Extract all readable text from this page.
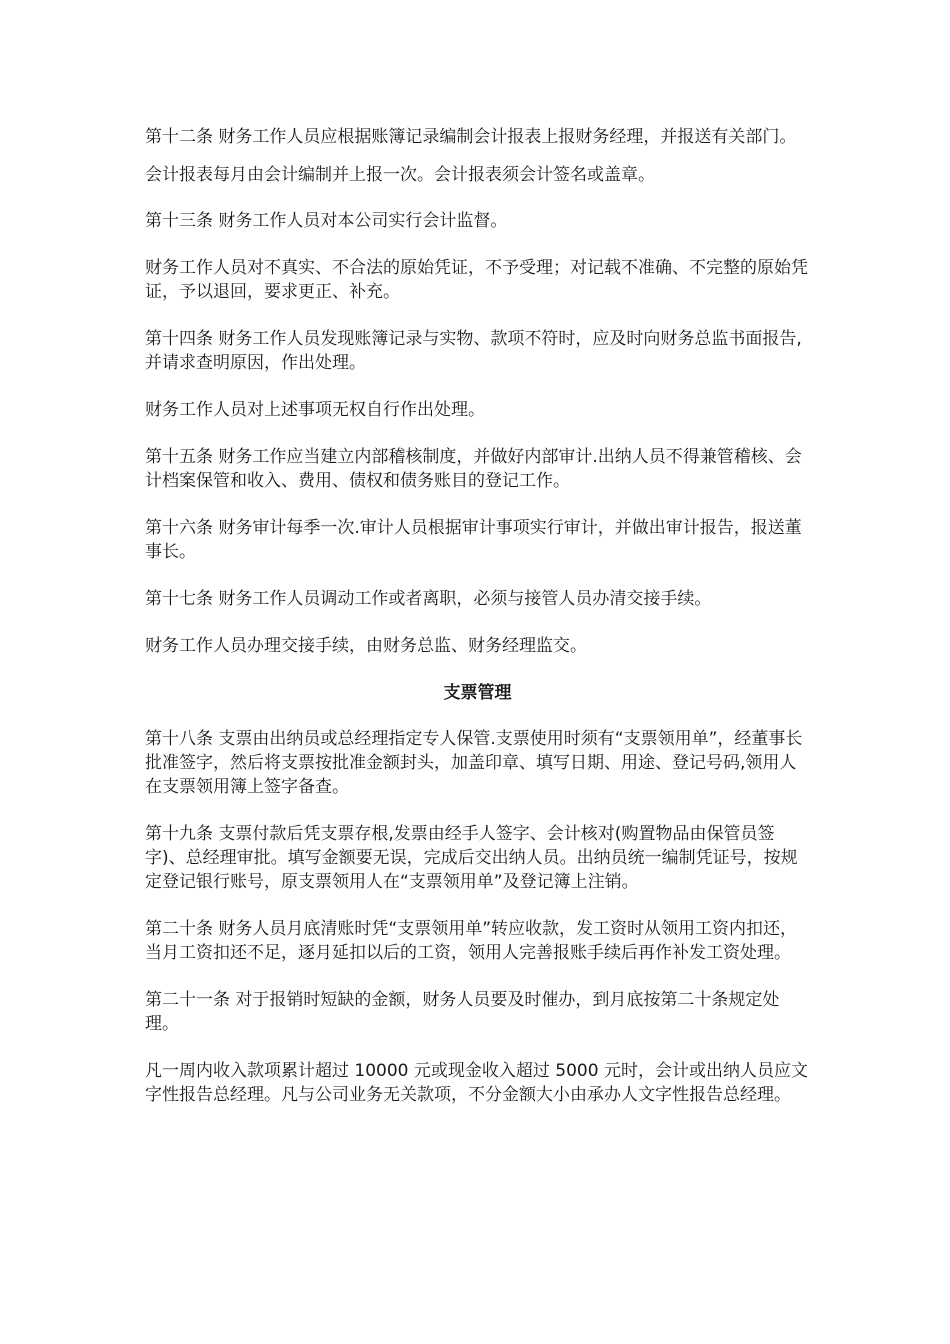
第十二条 财务工作人员应根据账簿记录编制会计报表上报财务经理，并报送有关部门。 会计报表每月由会计编制并上报一次。会计报表须会计签名或盖章。

第十三条 财务工作人员对本公司实行会计监督。

财务工作人员对不真实、不合法的原始凭证，不予受理；对记载不准确、不完整的原始凭证，予以退回，要求更正、补充。

第十四条 财务工作人员发现账簿记录与实物、款项不符时，应及时向财务总监书面报告,并请求查明原因，作出处理。

财务工作人员对上述事项无权自行作出处理。

第十五条 财务工作应当建立内部稽核制度，并做好内部审计.出纳人员不得兼管稽核、会计档案保管和收入、费用、债权和债务账目的登记工作。

第十六条 财务审计每季一次.审计人员根据审计事项实行审计，并做出审计报告，报送董事长。

第十七条 财务工作人员调动工作或者离职，必须与接管人员办清交接手续。

财务工作人员办理交接手续，由财务总监、财务经理监交。

支票管理

第十八条 支票由出纳员或总经理指定专人保管.支票使用时须有“支票领用单”，经董事长批准签字，然后将支票按批准金额封头，加盖印章、填写日期、用途、登记号码,领用人在支票领用簿上签字备查。

第十九条 支票付款后凭支票存根,发票由经手人签字、会计核对(购置物品由保管员签字)、总经理审批。填写金额要无误，完成后交出纳人员。出纳员统一编制凭证号，按规定登记银行账号，原支票领用人在“支票领用单”及登记簿上注销。

第二十条 财务人员月底清账时凭“支票领用单”转应收款，发工资时从领用工资内扣还，当月工资扣还不足，逐月延扣以后的工资，领用人完善报账手续后再作补发工资处理。

第二十一条 对于报销时短缺的金额，财务人员要及时催办，到月底按第二十条规定处理。

凡一周内收入款项累计超过 10000 元或现金收入超过 5000 元时，会计或出纳人员应文字性报告总经理。凡与公司业务无关款项，不分金额大小由承办人文字性报告总经理。
